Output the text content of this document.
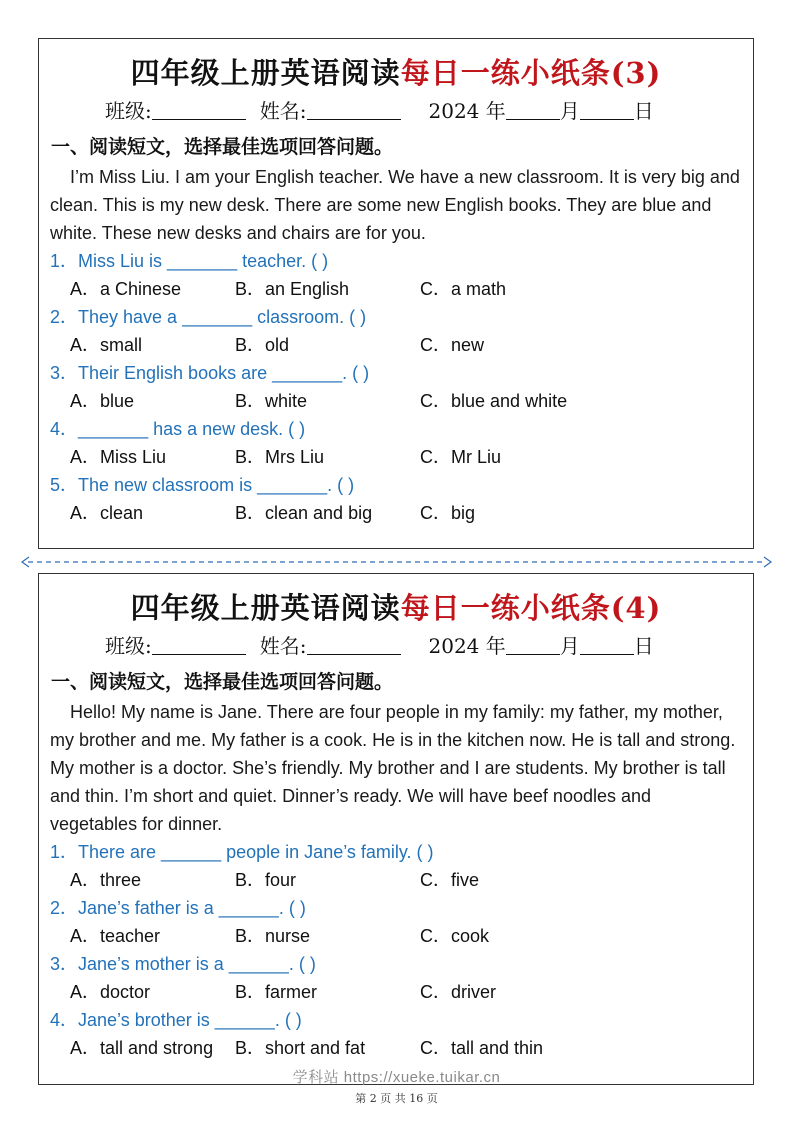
四年级上册英语阅读每日一练小纸条(3)
班级:	姓名:	2024 年	月	日
一、阅读短文，选择最佳选项回答问题。
I’m Miss Liu. I am your English teacher. We have a new classroom. It is very big and clean. This is my new desk. There are some new English books. They are blue and white. These new desks and chairs are for you.
1．Miss Liu is _______ teacher. ( )
A．a Chinese	B．an English	C．a math
2．They have a _______ classroom. ( )
A．small	B．old	C．new
3．Their English books are _______. ( )
A．blue	B．white	C．blue and white
4．_______ has a new desk. ( )
A．Miss Liu	B．Mrs Liu	C．Mr Liu
5．The new classroom is _______. ( )
A．clean	B．clean and big	C．big
四年级上册英语阅读每日一练小纸条(4)
班级:	姓名:	2024 年	月	日
一、阅读短文，选择最佳选项回答问题。
Hello! My name is Jane. There are four people in my family: my father, my mother, my brother and me. My father is a cook. He is in the kitchen now. He is tall and strong. My mother is a doctor. She’s friendly. My brother and I are students. My brother is tall and thin. I’m short and quiet. Dinner’s ready. We will have beef noodles and vegetables for dinner.
1．There are ______ people in Jane’s family. ( )
A．three	B．four	C．five
2．Jane’s father is a ______. ( )
A．teacher	B．nurse	C．cook
3．Jane’s mother is a ______. ( )
A．doctor	B．farmer	C．driver
4．Jane’s brother is ______. ( )
A．tall and strong B．short and fat	C．tall and thin
学科站 https://xueke.tuikar.cn
第 2 页 共 16 页
